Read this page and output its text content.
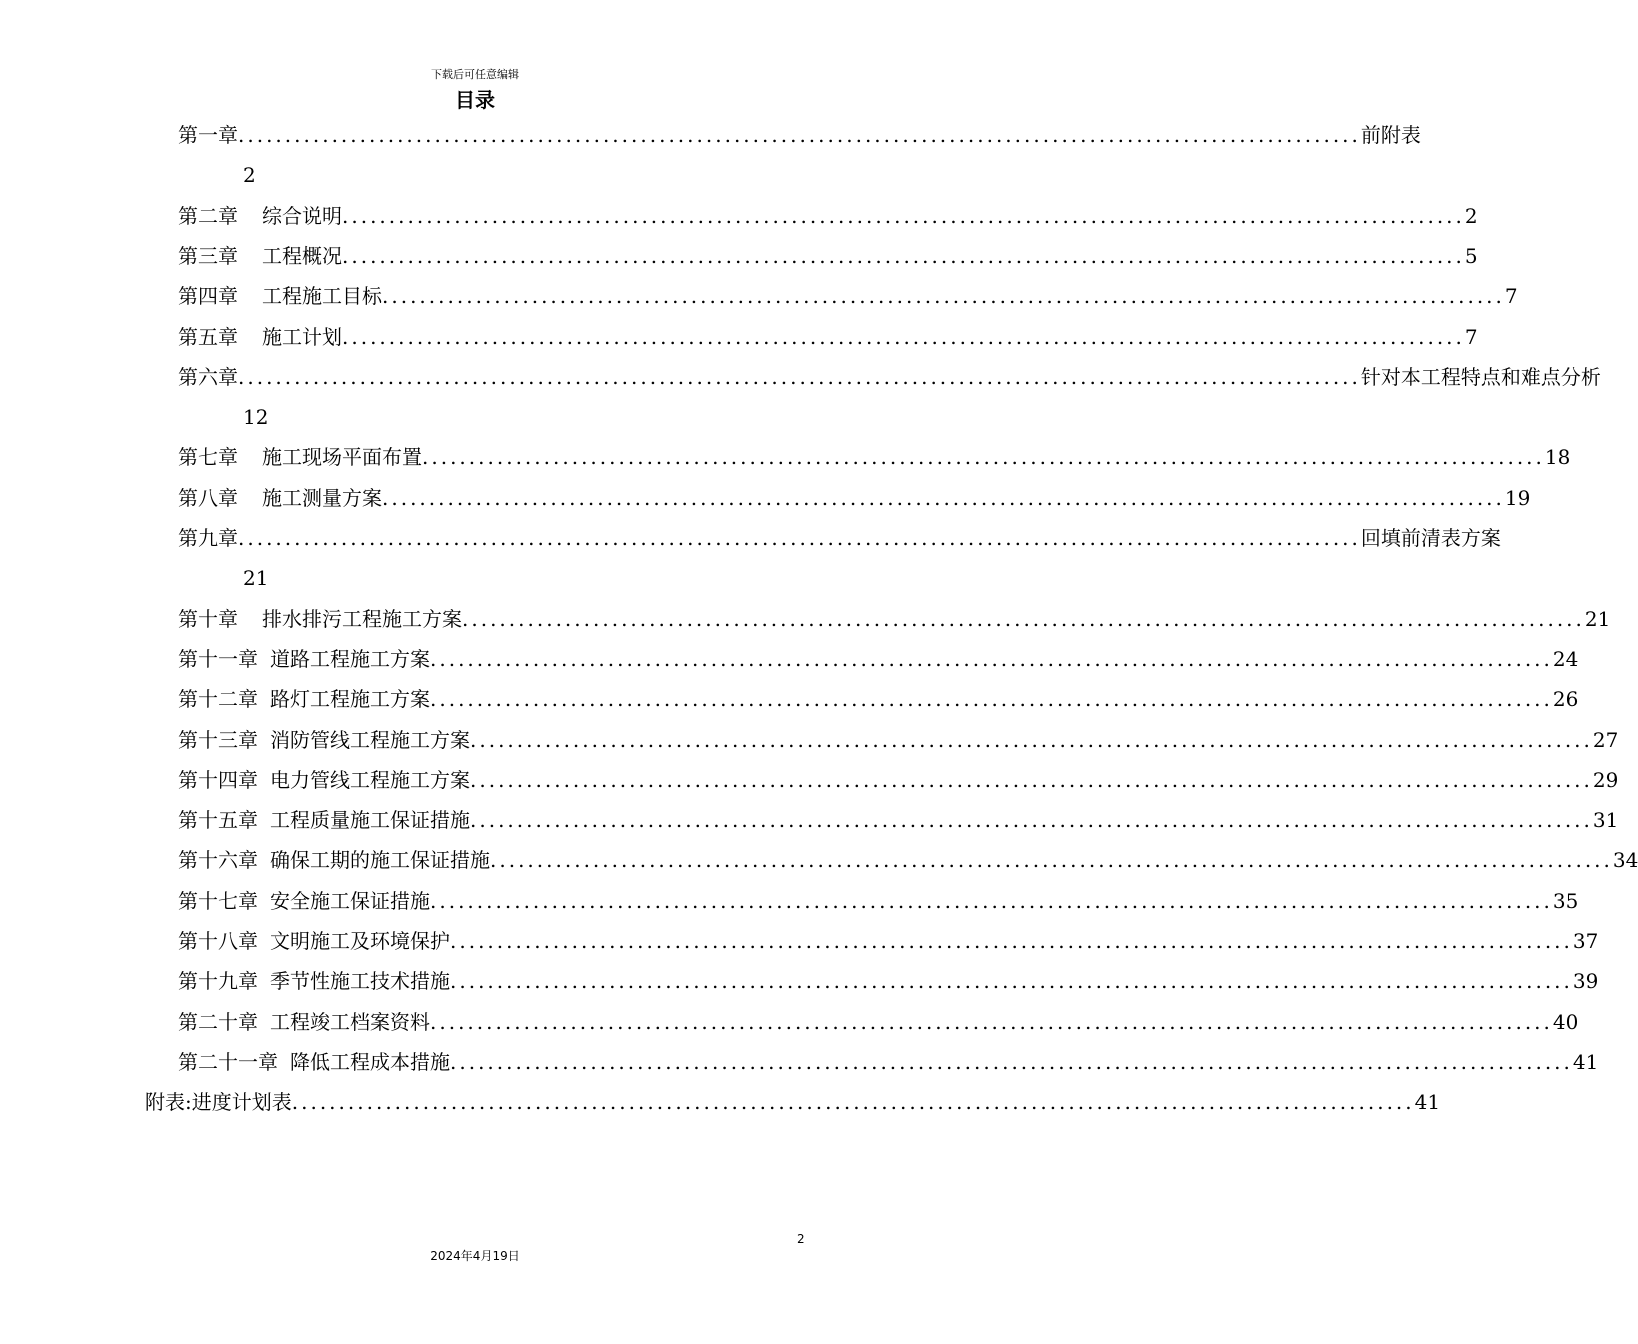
下载后可任意编辑
目录
第一章 ........................................................................................................................ 前附表
2
第二章 综合说明 ........................................................................................................................ 2
第三章 工程概况 ........................................................................................................................ 5
第四章 工程施工目标 ........................................................................................................................ 7
第五章 施工计划 ........................................................................................................................ 7
第六章 ........................................................................................................................ 针对本工程特点和难点分析
12
第七章 施工现场平面布置 ........................................................................................................................ 18
第八章 施工测量方案 ........................................................................................................................ 19
第九章 ........................................................................................................................ 回填前清表方案
21
第十章 排水排污工程施工方案 ........................................................................................................................ 21
第十一章 道路工程施工方案 ........................................................................................................................ 24
第十二章 路灯工程施工方案 ........................................................................................................................ 26
第十三章 消防管线工程施工方案 ........................................................................................................................ 27
第十四章 电力管线工程施工方案 ........................................................................................................................ 29
第十五章 工程质量施工保证措施 ........................................................................................................................ 31
第十六章 确保工期的施工保证措施 ........................................................................................................................ 34
第十七章 安全施工保证措施 ........................................................................................................................ 35
第十八章 文明施工及环境保护 ........................................................................................................................ 37
第十九章 季节性施工技术措施 ........................................................................................................................ 39
第二十章 工程竣工档案资料 ........................................................................................................................ 40
第二十一章 降低工程成本措施 ........................................................................................................................ 41
附表: 进度计划表 ........................................................................................................................ 41
2
2024年4月19日
